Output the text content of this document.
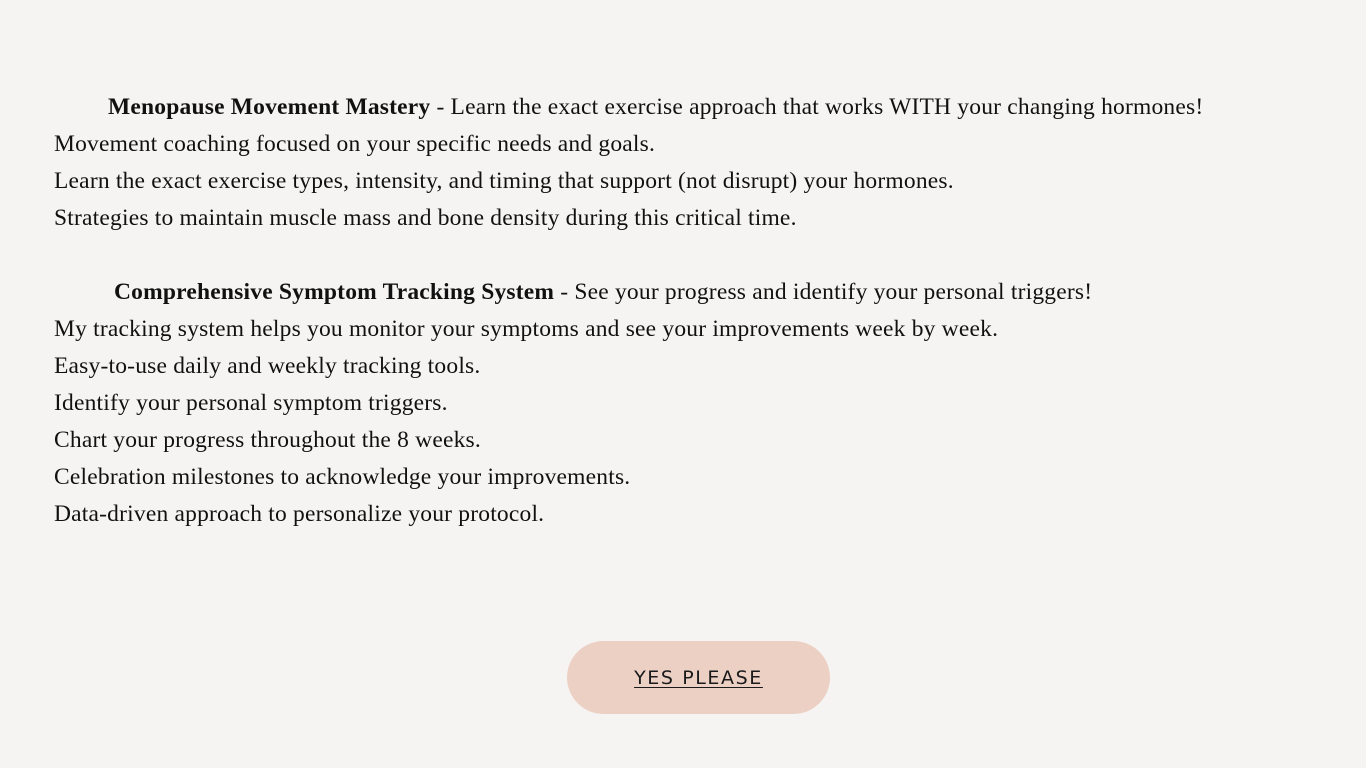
Menopause Movement Mastery - Learn the exact exercise approach that works WITH your changing hormones!
Movement coaching focused on your specific needs and goals.
Learn the exact exercise types, intensity, and timing that support (not disrupt) your hormones.
Strategies to maintain muscle mass and bone density during this critical time.
Comprehensive Symptom Tracking System - See your progress and identify your personal triggers!
My tracking system helps you monitor your symptoms and see your improvements week by week.
Easy-to-use daily and weekly tracking tools.
Identify your personal symptom triggers.
Chart your progress throughout the 8 weeks.
Celebration milestones to acknowledge your improvements.
Data-driven approach to personalize your protocol.
YES PLEASE
